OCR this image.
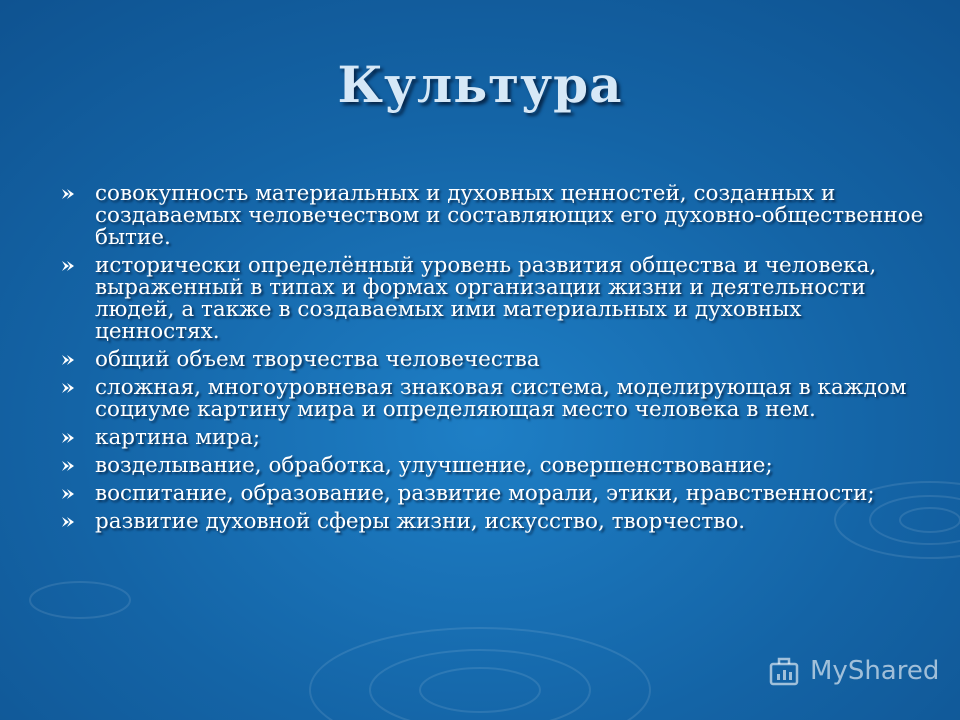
Культура
совокупность материальных и духовных ценностей, созданных и создаваемых человечеством и составляющих его духовно-общественное бытие.
исторически определённый уровень развития общества и человека, выраженный в типах и формах организации жизни и деятельности людей, а также в создаваемых ими материальных и духовных ценностях.
общий объем творчества человечества
сложная, многоуровневая знаковая система, моделирующая в каждом социуме картину мира и определяющая место человека в нем.
картина мира;
возделывание, обработка, улучшение, совершенствование;
воспитание, образование, развитие морали, этики, нравственности;
развитие духовной сферы жизни, искусство, творчество.
MyShared
